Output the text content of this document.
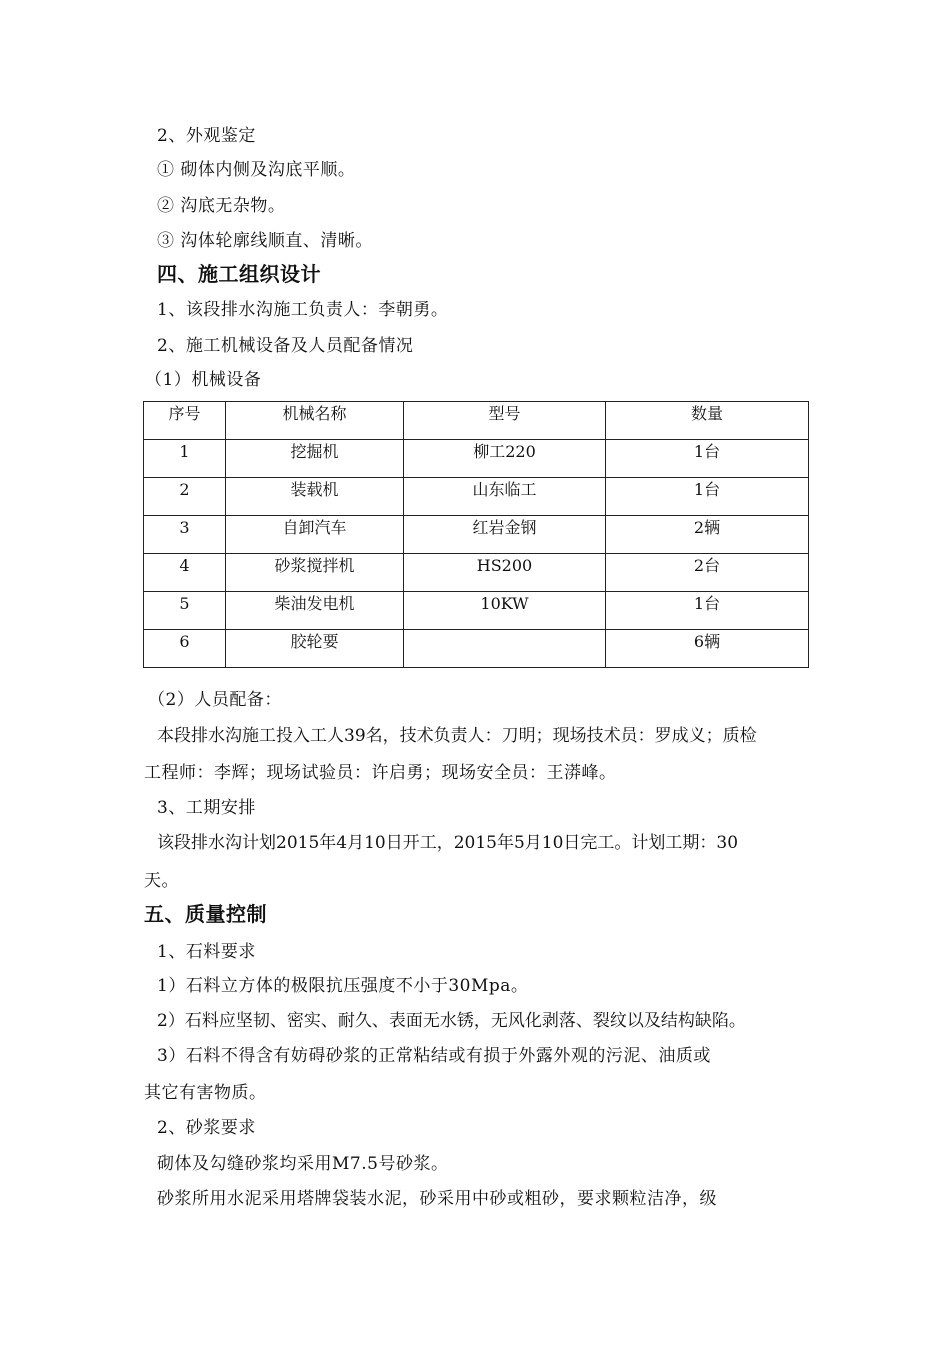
2、外观鉴定
① 砌体内侧及沟底平顺。
② 沟底无杂物。
③ 沟体轮廓线顺直、清晰。
四、施工组织设计
1、该段排水沟施工负责人：李朝勇。
2、施工机械设备及人员配备情况
（1）机械设备
序号	机械名称	型号	数量
1	挖掘机	柳工220	1台
2	装载机	山东临工	1台
3	自卸汽车	红岩金钢	2辆
4	砂浆搅拌机	HS200	2台
5	柴油发电机	10KW	1台
6	胶轮要		6辆
（2）人员配备：
本段排水沟施工投入工人39名，技术负责人：刀明；现场技术员：罗成义；质检
工程师：李辉；现场试验员：许启勇；现场安全员：王漭峰。
3、工期安排
该段排水沟计划2015年4月10日开工，2015年5月10日完工。计划工期：30
天。
五、质量控制
1、石料要求
1）石料立方体的极限抗压强度不小于30Mpa。
2）石料应坚韧、密实、耐久、表面无水锈，无风化剥落、裂纹以及结构缺陷。
3）石料不得含有妨碍砂浆的正常粘结或有损于外露外观的污泥、油质或
其它有害物质。
2、砂浆要求
砌体及勾缝砂浆均采用M7.5号砂浆。
砂浆所用水泥采用塔牌袋装水泥，砂采用中砂或粗砂，要求颗粒洁净，级
